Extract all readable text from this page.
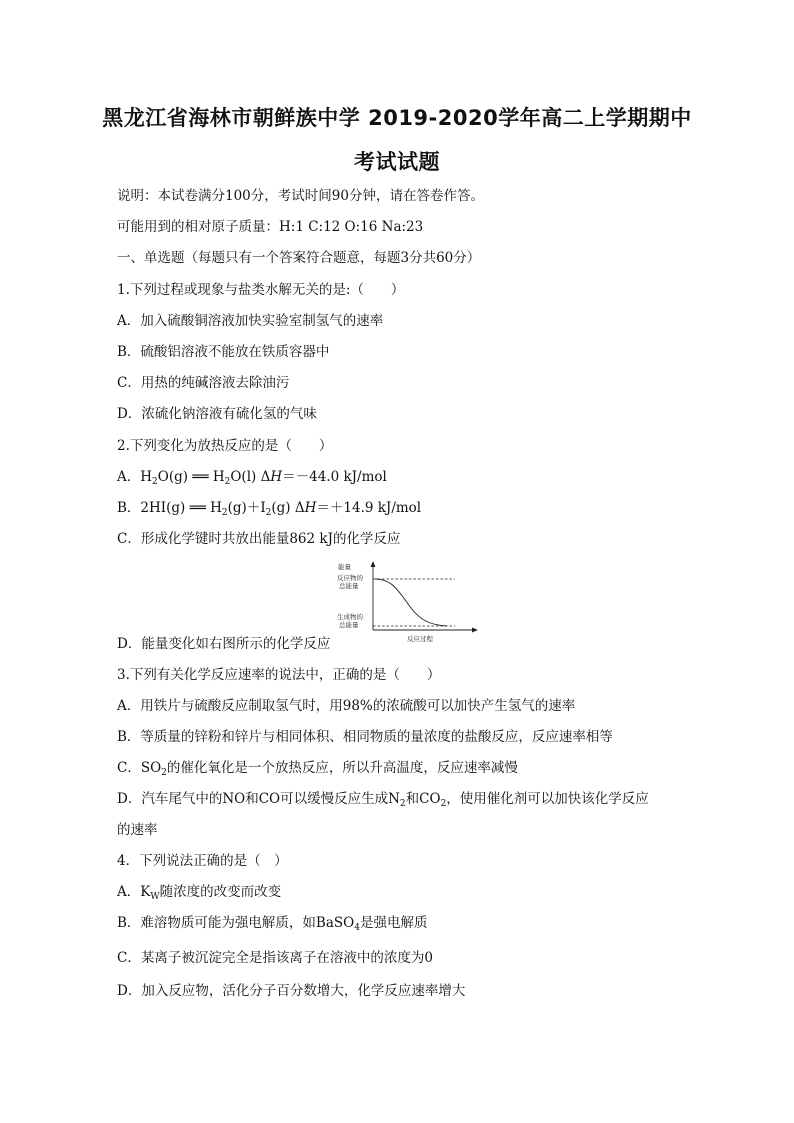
黑龙江省海林市朝鲜族中学 2019-2020学年高二上学期期中
考试试题
说明：本试卷满分100分，考试时间90分钟，请在答卷作答。
可能用到的相对原子质量：H:1 C:12 O:16 Na:23
一、单选题（每题只有一个答案符合题意，每题3分共60分）
1.下列过程或现象与盐类水解无关的是:（　　）
A．加入硫酸铜溶液加快实验室制氢气的速率
B．硫酸铝溶液不能放在铁质容器中
C．用热的纯碱溶液去除油污
D．浓硫化钠溶液有硫化氢的气味
2.下列变化为放热反应的是（　　）
A．$H_2O(g)$ ══ $H_2O(l)$ ΔH＝－44.0 kJ/mol
B．2HI(g) ══ $H_2(g)+I_2(g)$ ΔH＝＋14.9 kJ/mol
C．形成化学键时共放出能量862 kJ的化学反应
能量
反应物的
总能量
生成物的
总能量
反应过程
D．能量变化如右图所示的化学反应
3.下列有关化学反应速率的说法中，正确的是（　　）
A．用铁片与硫酸反应制取氢气时，用98%的浓硫酸可以加快产生氢气的速率
B．等质量的锌粉和锌片与相同体积、相同物质的量浓度的盐酸反应，反应速率相等
C．$SO_2$的催化氧化是一个放热反应，所以升高温度，反应速率减慢
D．汽车尾气中的NO和CO可以缓慢反应生成$N_2$和$CO_2$，使用催化剂可以加快该化学反应
的速率
4．下列说法正确的是（　）
A．$K_W$随浓度的改变而改变
B．难溶物质可能为强电解质，如BaSO$_4$是强电解质
C．某离子被沉淀完全是指该离子在溶液中的浓度为0
D．加入反应物，活化分子百分数增大，化学反应速率增大
